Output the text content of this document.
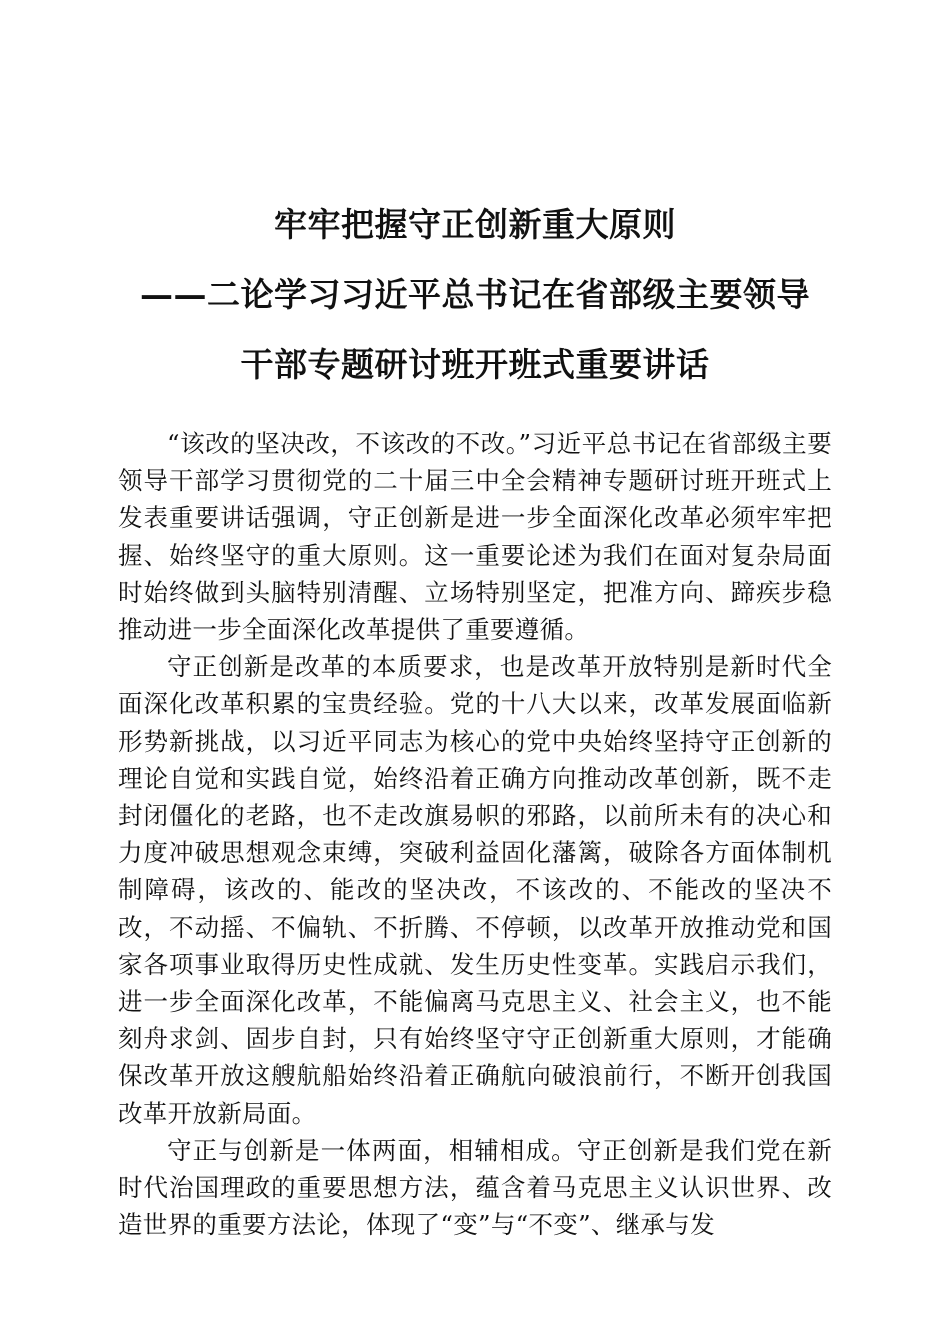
牢牢把握守正创新重大原则
——二论学习习近平总书记在省部级主要领导
干部专题研讨班开班式重要讲话

“该改的坚决改，不该改的不改。”习近平总书记在省部级主要领导干部学习贯彻党的二十届三中全会精神专题研讨班开班式上发表重要讲话强调，守正创新是进一步全面深化改革必须牢牢把握、始终坚守的重大原则。这一重要论述为我们在面对复杂局面时始终做到头脑特别清醒、立场特别坚定，把准方向、蹄疾步稳推动进一步全面深化改革提供了重要遵循。

守正创新是改革的本质要求，也是改革开放特别是新时代全面深化改革积累的宝贵经验。党的十八大以来，改革发展面临新形势新挑战，以习近平同志为核心的党中央始终坚持守正创新的理论自觉和实践自觉，始终沿着正确方向推动改革创新，既不走封闭僵化的老路，也不走改旗易帜的邪路，以前所未有的决心和力度冲破思想观念束缚，突破利益固化藩篱，破除各方面体制机制障碍，该改的、能改的坚决改，不该改的、不能改的坚决不改，不动摇、不偏轨、不折腾、不停顿，以改革开放推动党和国家各项事业取得历史性成就、发生历史性变革。实践启示我们，进一步全面深化改革，不能偏离马克思主义、社会主义，也不能刻舟求剑、固步自封，只有始终坚守守正创新重大原则，才能确保改革开放这艘航船始终沿着正确航向破浪前行，不断开创我国改革开放新局面。

守正与创新是一体两面，相辅相成。守正创新是我们党在新时代治国理政的重要思想方法，蕴含着马克思主义认识世界、改造世界的重要方法论，体现了“变”与“不变”、继承与发
